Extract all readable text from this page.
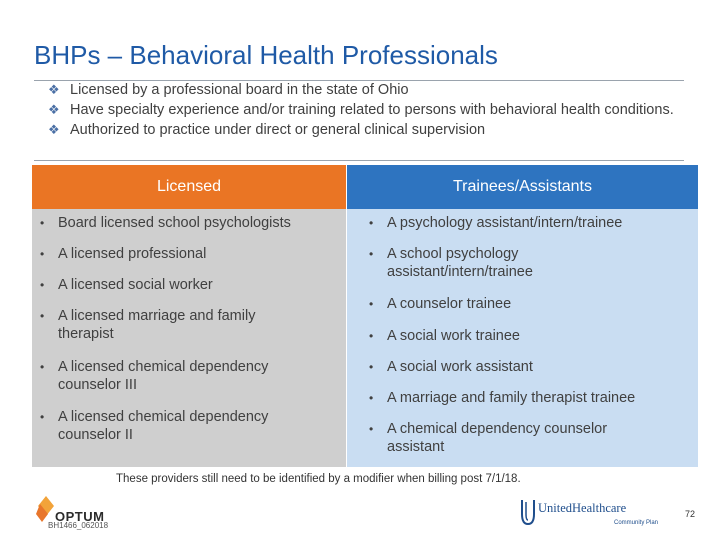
BHPs – Behavioral Health Professionals
❖ Licensed by a professional board in the state of Ohio
❖ Have specialty experience and/or training related to persons with behavioral health conditions.
❖ Authorized to practice under direct or general clinical supervision
Licensed	Trainees/Assistants
• Board licensed school psychologists
• A licensed professional
• A licensed social worker
• A licensed marriage and family therapist
• A licensed chemical dependency counselor III
• A licensed chemical dependency counselor II
• A psychology assistant/intern/trainee
• A school psychology assistant/intern/trainee
• A counselor trainee
• A social work trainee
• A social work assistant
• A marriage and family therapist trainee
• A chemical dependency counselor assistant
These providers still need to be identified by a modifier when billing post 7/1/18.
OPTUM
BH1466_062018
UnitedHealthcare
Community Plan
72
